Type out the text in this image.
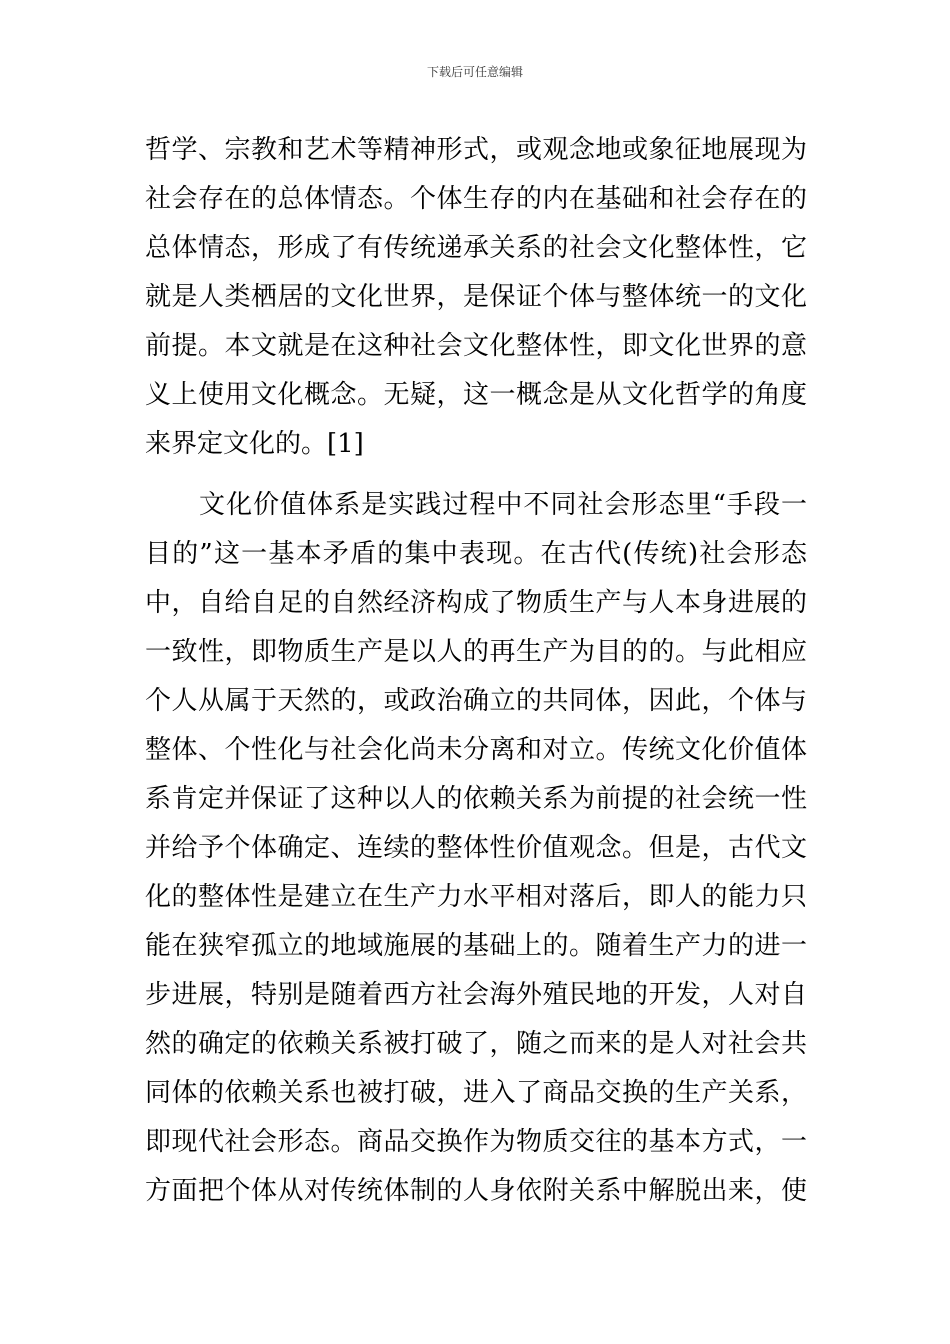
下载后可任意编辑
哲学、宗教和艺术等精神形式，或观念地或象征地展现为
社会存在的总体情态。个体生存的内在基础和社会存在的
总体情态，形成了有传统递承关系的社会文化整体性，它
就是人类栖居的文化世界，是保证个体与整体统一的文化
前提。本文就是在这种社会文化整体性，即文化世界的意
义上使用文化概念。无疑，这一概念是从文化哲学的角度
来界定文化的。[1]
　　文化价值体系是实践过程中不同社会形态里“手段一
目的”这一基本矛盾的集中表现。在古代(传统)社会形态
中，自给自足的自然经济构成了物质生产与人本身进展的
一致性，即物质生产是以人的再生产为目的的。与此相应
个人从属于天然的，或政治确立的共同体，因此，个体与
整体、个性化与社会化尚未分离和对立。传统文化价值体
系肯定并保证了这种以人的依赖关系为前提的社会统一性
并给予个体确定、连续的整体性价值观念。但是，古代文
化的整体性是建立在生产力水平相对落后，即人的能力只
能在狭窄孤立的地域施展的基础上的。随着生产力的进一
步进展，特别是随着西方社会海外殖民地的开发，人对自
然的确定的依赖关系被打破了，随之而来的是人对社会共
同体的依赖关系也被打破，进入了商品交换的生产关系，
即现代社会形态。商品交换作为物质交往的基本方式，一
方面把个体从对传统体制的人身依附关系中解脱出来，使
